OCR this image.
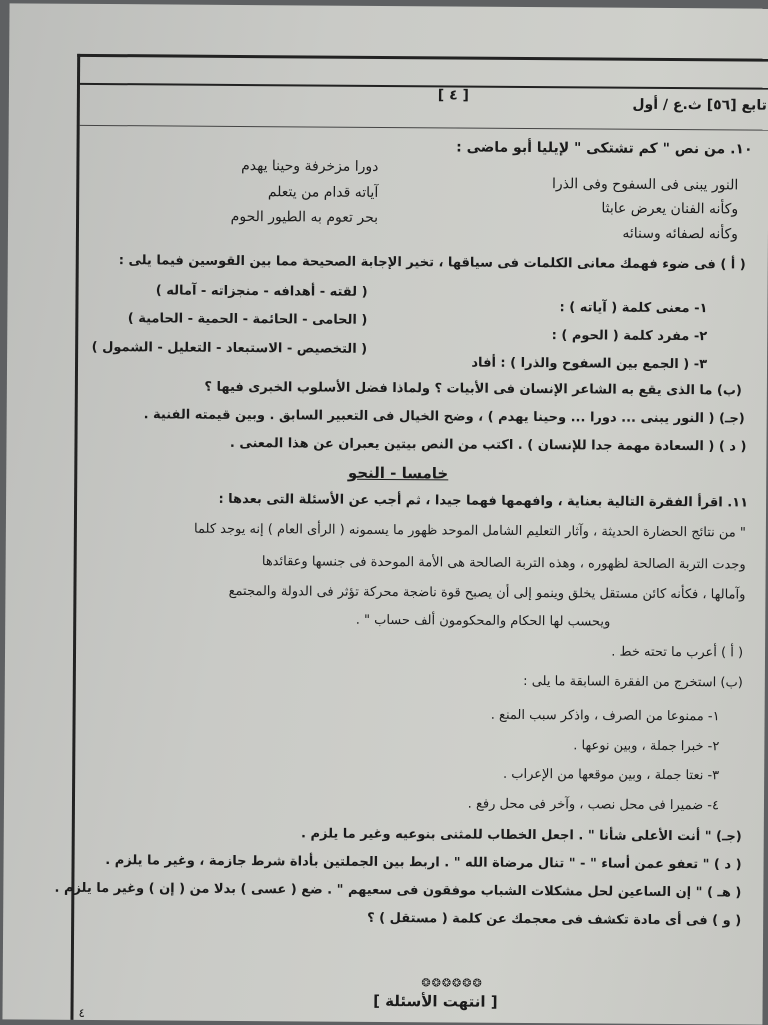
تابع [٥٦] ث.ع / أول
[ ٤ ]
١٠. من نص " كم تشتكى " لإيليا أبو ماضى :
النور يبنى فى السفوح وفى الذرا
دورا مزخرفة وحينا يهدم
وكأنه الفنان يعرض عابثا
آياته قدام من يتعلم
وكأنه لصفائه وسنائه
بحر تعوم به الطيور الحوم
( أ ) فى ضوء فهمك معانى الكلمات فى سياقها ، تخير الإجابة الصحيحة مما بين القوسين فيما يلى :
١- معنى كلمة ( آياته ) :
( لقته - أهدافه - منجزاته - آماله )
٢- مفرد كلمة ( الحوم ) :
( الحامى - الحائمة - الحمية - الحامية )
٣- ( الجمع بين السفوح والذرا ) : أفاد
( التخصيص - الاستبعاد - التعليل - الشمول )
(ب) ما الذى يقع به الشاعر الإنسان فى الأبيات ؟ ولماذا فضل الأسلوب الخبرى فيها ؟
(جـ) ( النور يبنى ... دورا ... وحينا يهدم ) ، وضح الخيال فى التعبير السابق . وبين قيمته الفنية .
( د ) ( السعادة مهمة جدا للإنسان ) . اكتب من النص بيتين يعبران عن هذا المعنى .
خامسا - النحو
١١. اقرأ الفقرة التالية بعناية ، وافهمها فهما جيدا ، ثم أجب عن الأسئلة التى بعدها :
" من نتائج الحضارة الحديثة ، وآثار التعليم الشامل الموحد ظهور ما يسمونه ( الرأى العام ) إنه يوجد كلما
وجدت التربة الصالحة لظهوره ، وهذه التربة الصالحة هى الأمة الموحدة فى جنسها وعقائدها
وآمالها ، فكأنه كائن مستقل يخلق وينمو إلى أن يصبح قوة ناضجة محركة تؤثر فى الدولة والمجتمع
ويحسب لها الحكام والمحكومون ألف حساب " .
( أ ) أعرب ما تحته خط .
(ب) استخرج من الفقرة السابقة ما يلى :
١- ممنوعا من الصرف ، واذكر سبب المنع .
٢- خبرا جملة ، وبين نوعها .
٣- نعتا جملة ، وبين موقعها من الإعراب .
٤- ضميرا فى محل نصب ، وآخر فى محل رفع .
(جـ) " أنت الأعلى شأنا " . اجعل الخطاب للمثنى بنوعيه وغير ما يلزم .
( د ) " تعفو عمن أساء " - " تنال مرضاة الله " . اربط بين الجملتين بأداة شرط جازمة ، وغير ما يلزم .
( هـ ) " إن الساعين لحل مشكلات الشباب موفقون فى سعيهم " . ضع ( عسى ) بدلا من ( إن ) وغير ما يلزم .
( و ) فى أى مادة تكشف فى معجمك عن كلمة ( مستقل ) ؟
❂❂❂❂❂❂
[ انتهت الأسئلة ]
٤
